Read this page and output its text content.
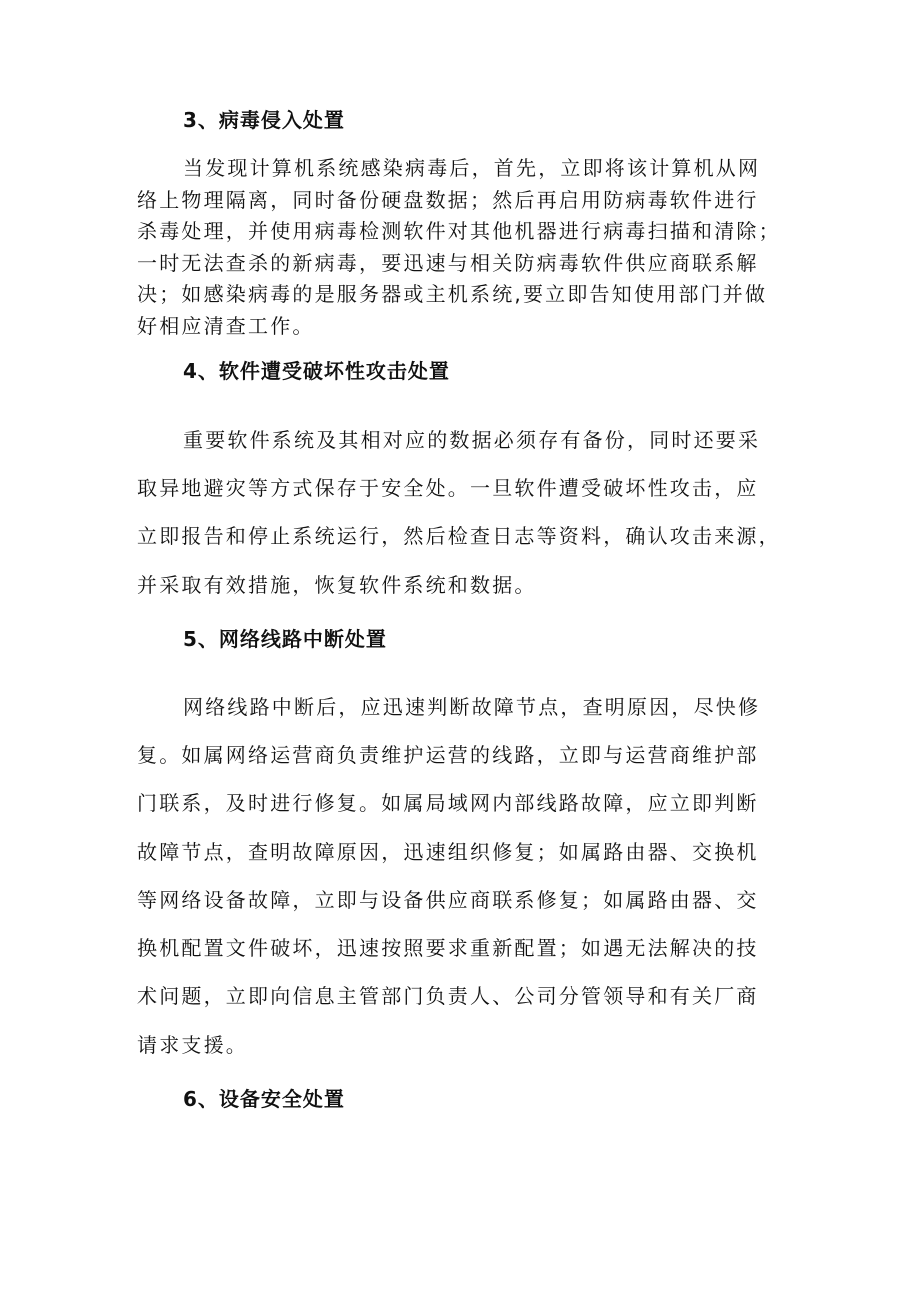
3、病毒侵入处置

当发现计算机系统感染病毒后，首先，立即将该计算机从网

络上物理隔离，同时备份硬盘数据；然后再启用防病毒软件进行

杀毒处理，并使用病毒检测软件对其他机器进行病毒扫描和清除；

一时无法查杀的新病毒，要迅速与相关防病毒软件供应商联系解

决；如感染病毒的是服务器或主机系统,要立即告知使用部门并做

好相应清查工作。

4、软件遭受破坏性攻击处置

重要软件系统及其相对应的数据必须存有备份，同时还要采

取异地避灾等方式保存于安全处。一旦软件遭受破坏性攻击，应

立即报告和停止系统运行，然后检查日志等资料，确认攻击来源，

并采取有效措施，恢复软件系统和数据。

5、网络线路中断处置

网络线路中断后，应迅速判断故障节点，查明原因，尽快修

复。如属网络运营商负责维护运营的线路，立即与运营商维护部

门联系，及时进行修复。如属局域网内部线路故障，应立即判断

故障节点，查明故障原因，迅速组织修复；如属路由器、交换机

等网络设备故障，立即与设备供应商联系修复；如属路由器、交

换机配置文件破坏，迅速按照要求重新配置；如遇无法解决的技

术问题，立即向信息主管部门负责人、公司分管领导和有关厂商

请求支援。

6、设备安全处置
